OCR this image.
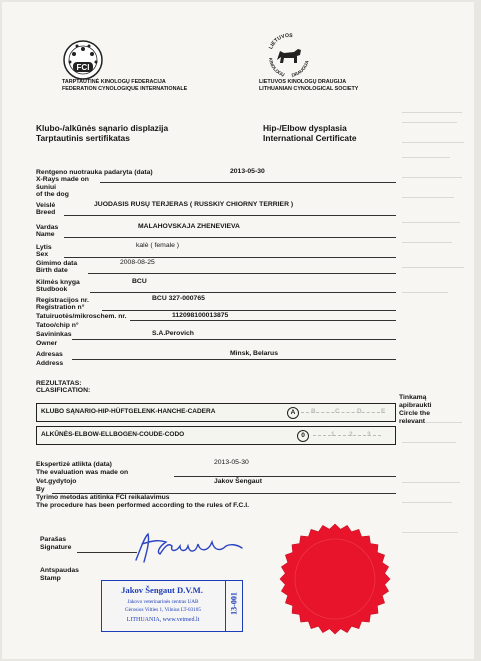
FCI
TARPTAUTINĖ KINOLOGŲ FEDERACIJA
FEDERATION CYNOLOGIQUE INTERNATIONALE
LIETUVOS
KINOLOGŲ DRAUGIJA
LIETUVOS KINOLOGŲ DRAUGIJA
LITHUANIAN CYNOLOGICAL SOCIETY
Klubo-/alkūnės sąnario displazija
Tarptautinis sertifikatas
Hip-/Elbow dysplasia
International Certificate
Rentgeno nuotrauka padaryta (data)
X-Rays made on
2013-05-30
šuniui
of the dog
Veislė
Breed
JUODASIS RUSŲ TERJERAS ( RUSSKIY CHIORNY TERRIER )
Vardas
Name
MALAHOVSKAJA ZHENEVIEVA
Lytis
Sex
kalė ( female )
Gimimo data
Birth date
2008-08-25
Kilmės knyga
Studbook
BCU
Registracijos nr.
Registration n°
BCU 327-000765
Tatuiruotės/mikroschem. nr.
Tatoo/chip n°
112098100013875
Savininkas
Owner
S.A.Perovich
Adresas
Address
Minsk, Belarus
REZULTATAS:
CLASIFICATION:
KLUBO SĄNARIO-HIP-HÜFTGELENK-HANCHE-CADERA	A	B	C	D	E
ALKŪNĖS-ELBOW-ELLBOGEN-COUDE-CODO	0	1 2 3
Tinkamą
apibraukti
Circle the
relevant
Ekspertizė atlikta (data)
The evaluation was made on
2013-05-30
Vet.gydytojo
By
Jakov Šengaut
Tyrimo metodas atitinka FCI reikalavimus
The procedure has been performed according to the rules of F.C.I.
Parašas
Signature
Antspaudas
Stamp
Jakov Šengaut D.V.M.
Jakovo veterinarinės centras UAB
Gėrosios Vilties 1, Vilnius LT-03105
LITHUANIA, www.vetmed.lt
13-001
